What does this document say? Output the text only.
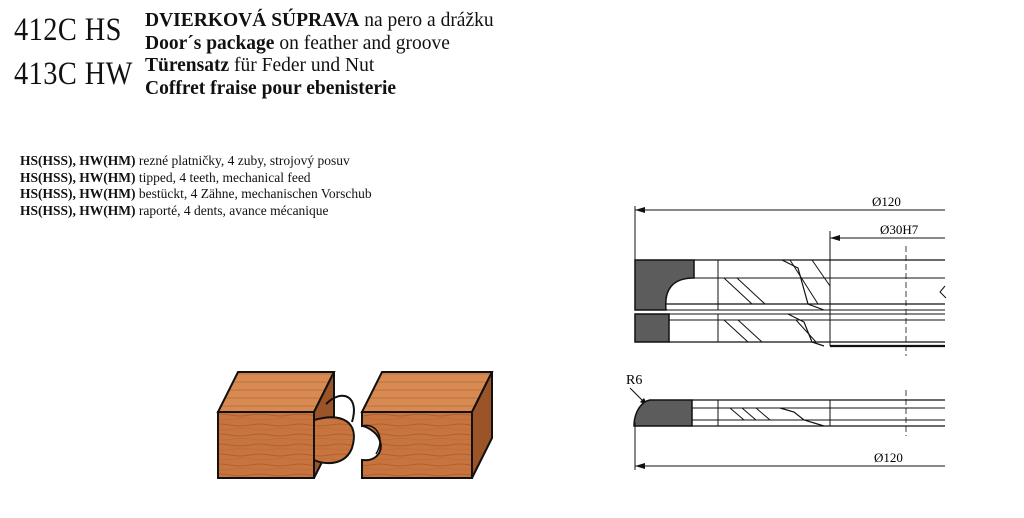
412C HS
413C HW
DVIERKOVÁ SÚPRAVA na pero a drážku
Door´s package on feather and groove
Türensatz für Feder und Nut
Coffret fraise pour ebenisterie

HS(HSS), HW(HM) rezné platničky, 4 zuby, strojový posuv

HS(HSS), HW(HM) tipped, 4 teeth, mechanical feed

HS(HSS), HW(HM) bestückt, 4 Zähne, mechanischen Vorschub

HS(HSS), HW(HM) raporté, 4 dents, avance mécanique

Ø120
Ø30H7
R6
Ø120
